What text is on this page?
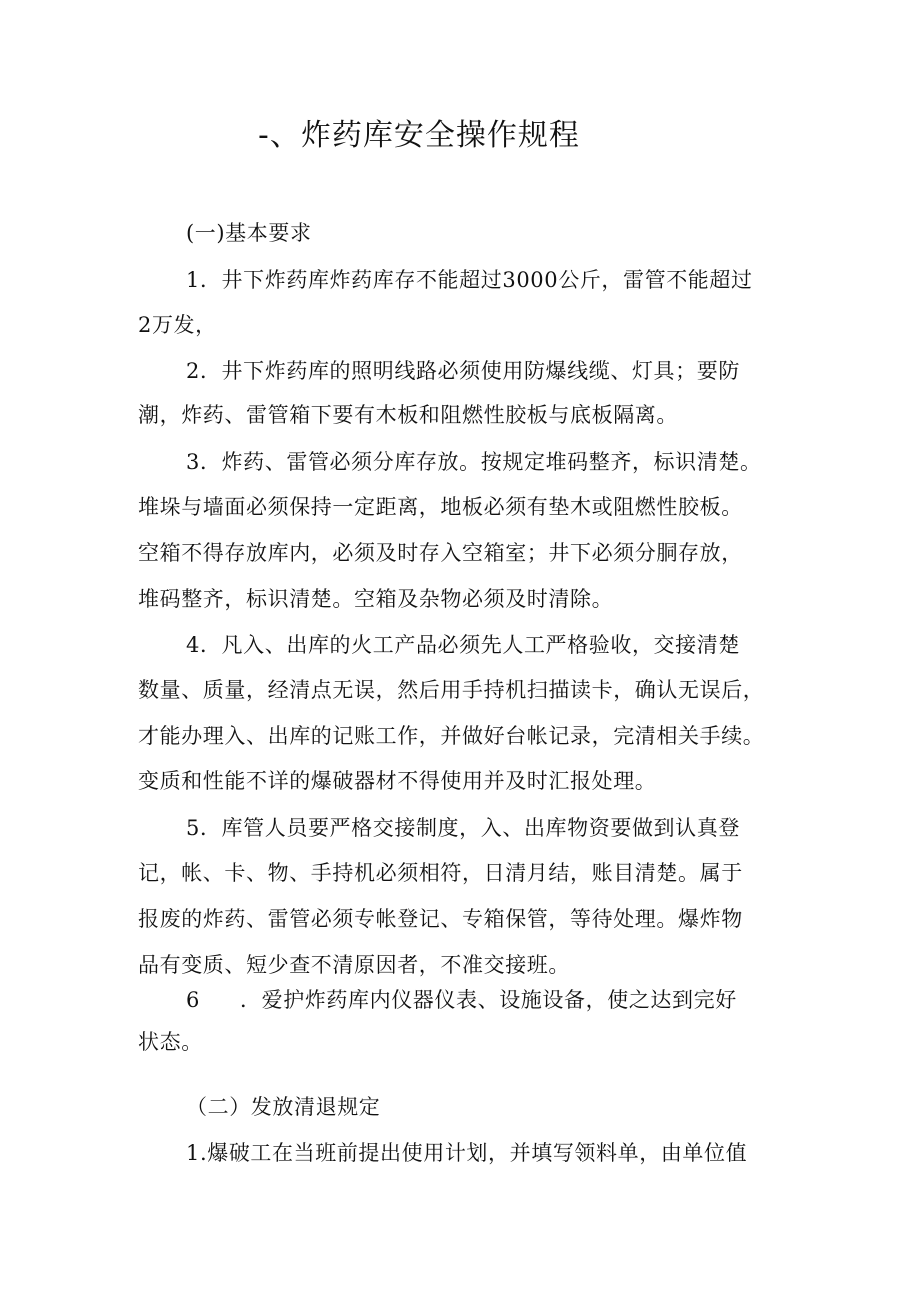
-、炸药库安全操作规程
(一)基本要求
1．井下炸药库炸药库存不能超过3000公斤，雷管不能超过
2万发，
2．井下炸药库的照明线路必须使用防爆线缆、灯具；要防
潮，炸药、雷管箱下要有木板和阻燃性胶板与底板隔离。
3．炸药、雷管必须分库存放。按规定堆码整齐，标识清楚。
堆垛与墙面必须保持一定距离，地板必须有垫木或阻燃性胶板。
空箱不得存放库内，必须及时存入空箱室；井下必须分胴存放，
堆码整齐，标识清楚。空箱及杂物必须及时清除。
4．凡入、出库的火工产品必须先人工严格验收，交接清楚
数量、质量，经清点无误，然后用手持机扫描读卡，确认无误后，
才能办理入、出库的记账工作，并做好台帐记录，完清相关手续。
变质和性能不详的爆破器材不得使用并及时汇报处理。
5．库管人员要严格交接制度，入、出库物资要做到认真登
记，帐、卡、物、手持机必须相符，日清月结，账目清楚。属于
报废的炸药、雷管必须专帐登记、专箱保管，等待处理。爆炸物
品有变质、短少查不清原因者，不准交接班。
6 ．爱护炸药库内仪器仪表、设施设备，使之达到完好
状态。
（二）发放清退规定
1.爆破工在当班前提出使用计划，并填写领料单，由单位值
